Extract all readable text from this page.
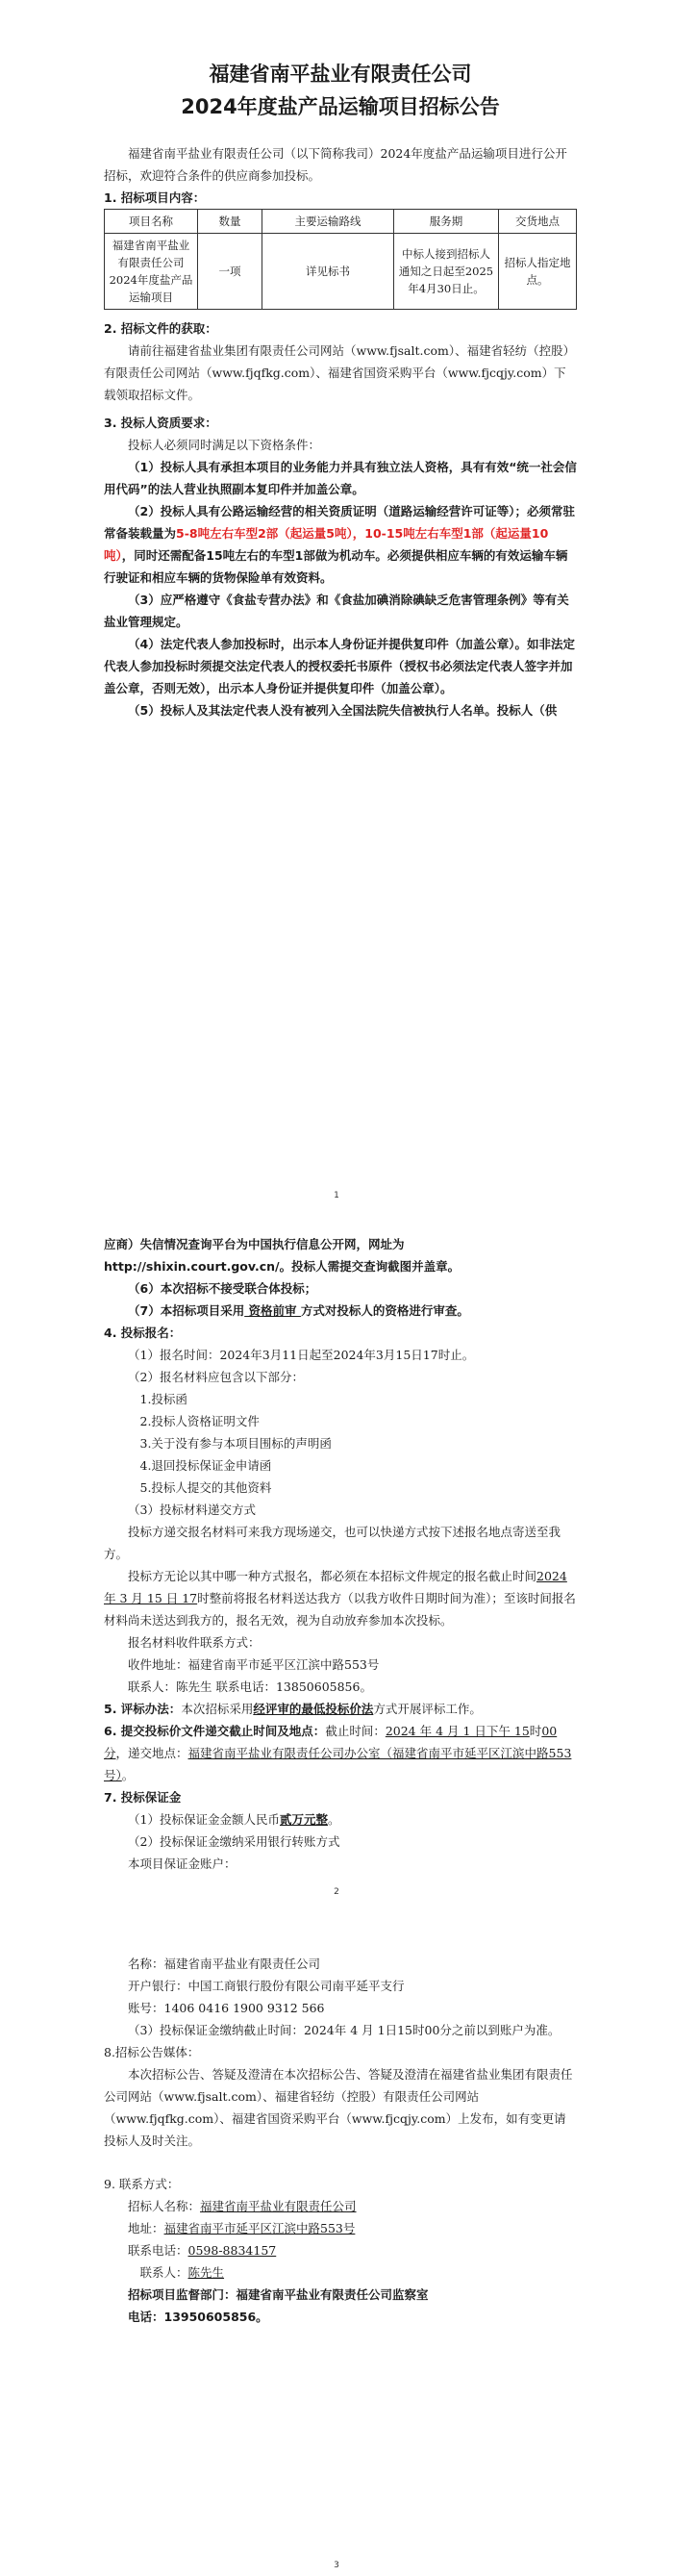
福建省南平盐业有限责任公司
2024年度盐产品运输项目招标公告

福建省南平盐业有限责任公司（以下简称我司）2024年度盐产品运输项目进行公开招标，欢迎符合条件的供应商参加投标。

1. 招标项目内容：

项目名称	数量	主要运输路线	服务期	交货地点
福建省南平盐业有限责任公司2024年度盐产品运输项目	一项	详见标书	中标人接到招标人通知之日起至2025年4月30日止。	招标人指定地点。

2. 招标文件的获取：

请前往福建省盐业集团有限责任公司网站（www.fjsalt.com）、福建省轻纺（控股）有限责任公司网站（www.fjqfkg.com）、福建省国资采购平台（www.fjcqjy.com）下载领取招标文件。

3. 投标人资质要求：

投标人必须同时满足以下资格条件：

（1）投标人具有承担本项目的业务能力并具有独立法人资格，具有有效“统一社会信用代码”的法人营业执照副本复印件并加盖公章。

（2）投标人具有公路运输经营的相关资质证明（道路运输经营许可证等）；必须常驻常备装载量为5-8吨左右车型2部（起运量5吨），10-15吨左右车型1部（起运量10吨），同时还需配备15吨左右的车型1部做为机动车。必须提供相应车辆的有效运输车辆行驶证和相应车辆的货物保险单有效资料。

（3）应严格遵守《食盐专营办法》和《食盐加碘消除碘缺乏危害管理条例》等有关盐业管理规定。

（4）法定代表人参加投标时，出示本人身份证并提供复印件（加盖公章）。如非法定代表人参加投标时须提交法定代表人的授权委托书原件（授权书必须法定代表人签字并加盖公章，否则无效），出示本人身份证并提供复印件（加盖公章）。

（5）投标人及其法定代表人没有被列入全国法院失信被执行人名单。投标人（供

1

应商）失信情况查询平台为中国执行信息公开网，网址为http://shixin.court.gov.cn/。投标人需提交查询截图并盖章。

（6）本次招标不接受联合体投标；

（7）本招标项目采用 资格前审 方式对投标人的资格进行审查。

4. 投标报名：

（1）报名时间：2024年3月11日起至2024年3月15日17时止。

（2）报名材料应包含以下部分：

1.投标函

2.投标人资格证明文件

3.关于没有参与本项目围标的声明函

4.退回投标保证金申请函

5.投标人提交的其他资料

（3）投标材料递交方式

投标方递交报名材料可来我方现场递交，也可以快递方式按下述报名地点寄送至我方。

投标方无论以其中哪一种方式报名，都必须在本招标文件规定的报名截止时间2024年 3 月 15 日 17时整前将报名材料送达我方（以我方收件日期时间为准）；至该时间报名材料尚未送达到我方的，报名无效，视为自动放弃参加本次投标。

报名材料收件联系方式：

收件地址：福建省南平市延平区江滨中路553号

联系人：陈先生 联系电话：13850605856。

5. 评标办法：本次招标采用经评审的最低投标价法方式开展评标工作。

6. 提交投标价文件递交截止时间及地点：截止时间：2024 年 4 月 1 日下午 15时00分，递交地点：福建省南平盐业有限责任公司办公室（福建省南平市延平区江滨中路553号）。

7. 投标保证金

（1）投标保证金金额人民币贰万元整。

（2）投标保证金缴纳采用银行转账方式

本项目保证金账户：

2

名称：福建省南平盐业有限责任公司

开户银行：中国工商银行股份有限公司南平延平支行

账号：1406 0416 1900 9312 566

（3）投标保证金缴纳截止时间：2024年 4 月 1日15时00分之前以到账户为准。

8.招标公告媒体：

本次招标公告、答疑及澄清在本次招标公告、答疑及澄清在福建省盐业集团有限责任公司网站（www.fjsalt.com）、福建省轻纺（控股）有限责任公司网站（www.fjqfkg.com）、福建省国资采购平台（www.fjcqjy.com）上发布，如有变更请投标人及时关注。

9. 联系方式：

招标人名称：福建省南平盐业有限责任公司

地址：福建省南平市延平区江滨中路553号

联系电话：0598-8834157

联系人：陈先生

招标项目监督部门：福建省南平盐业有限责任公司监察室

电话：13950605856。

3
